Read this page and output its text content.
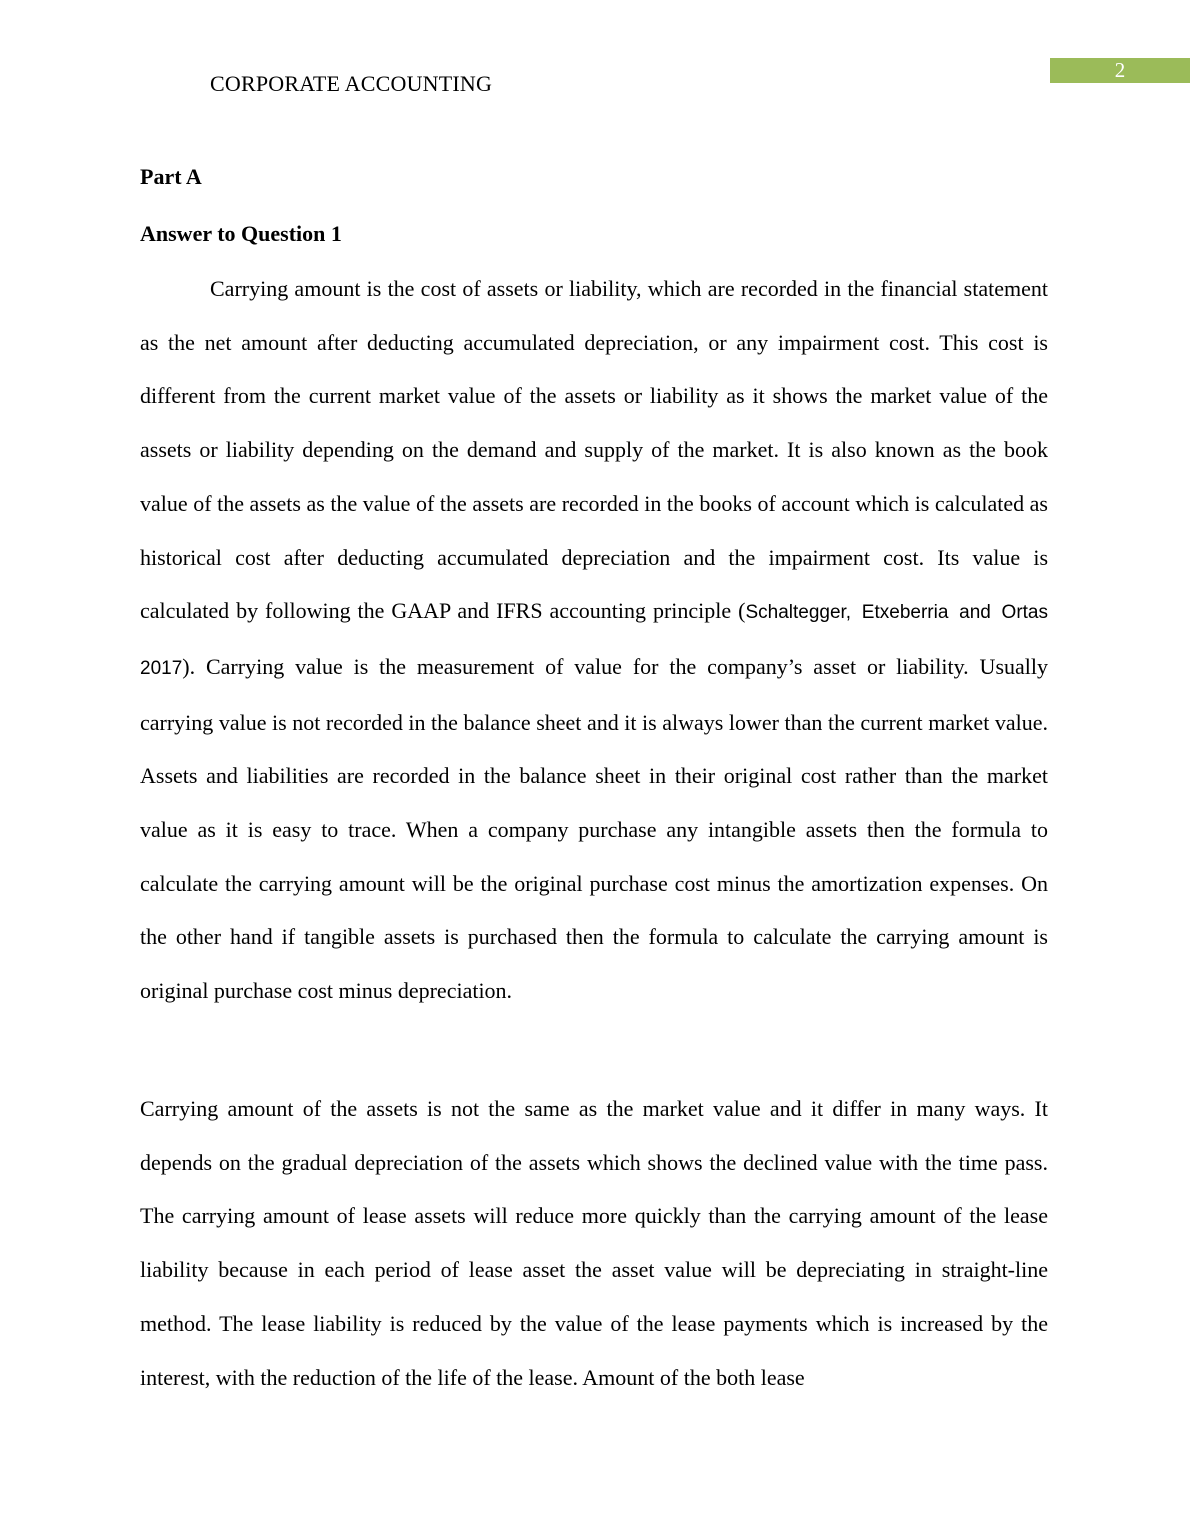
2
CORPORATE ACCOUNTING
Part A
Answer to Question 1

Carrying amount is the cost of assets or liability, which are recorded in the financial statement as the net amount after deducting accumulated depreciation, or any impairment cost. This cost is different from the current market value of the assets or liability as it shows the market value of the assets or liability depending on the demand and supply of the market. It is also known as the book value of the assets as the value of the assets are recorded in the books of account which is calculated as historical cost after deducting accumulated depreciation and the impairment cost. Its value is calculated by following the GAAP and IFRS accounting principle (Schaltegger, Etxeberria and Ortas 2017). Carrying value is the measurement of value for the company’s asset or liability. Usually carrying value is not recorded in the balance sheet and it is always lower than the current market value. Assets and liabilities are recorded in the balance sheet in their original cost rather than the market value as it is easy to trace. When a company purchase any intangible assets then the formula to calculate the carrying amount will be the original purchase cost minus the amortization expenses. On the other hand if tangible assets is purchased then the formula to calculate the carrying amount is original purchase cost minus depreciation.

Carrying amount of the assets is not the same as the market value and it differ in many ways. It depends on the gradual depreciation of the assets which shows the declined value with the time pass. The carrying amount of lease assets will reduce more quickly than the carrying amount of the lease liability because in each period of lease asset the asset value will be depreciating in straight-line method. The lease liability is reduced by the value of the lease payments which is increased by the interest, with the reduction of the life of the lease. Amount of the both lease
